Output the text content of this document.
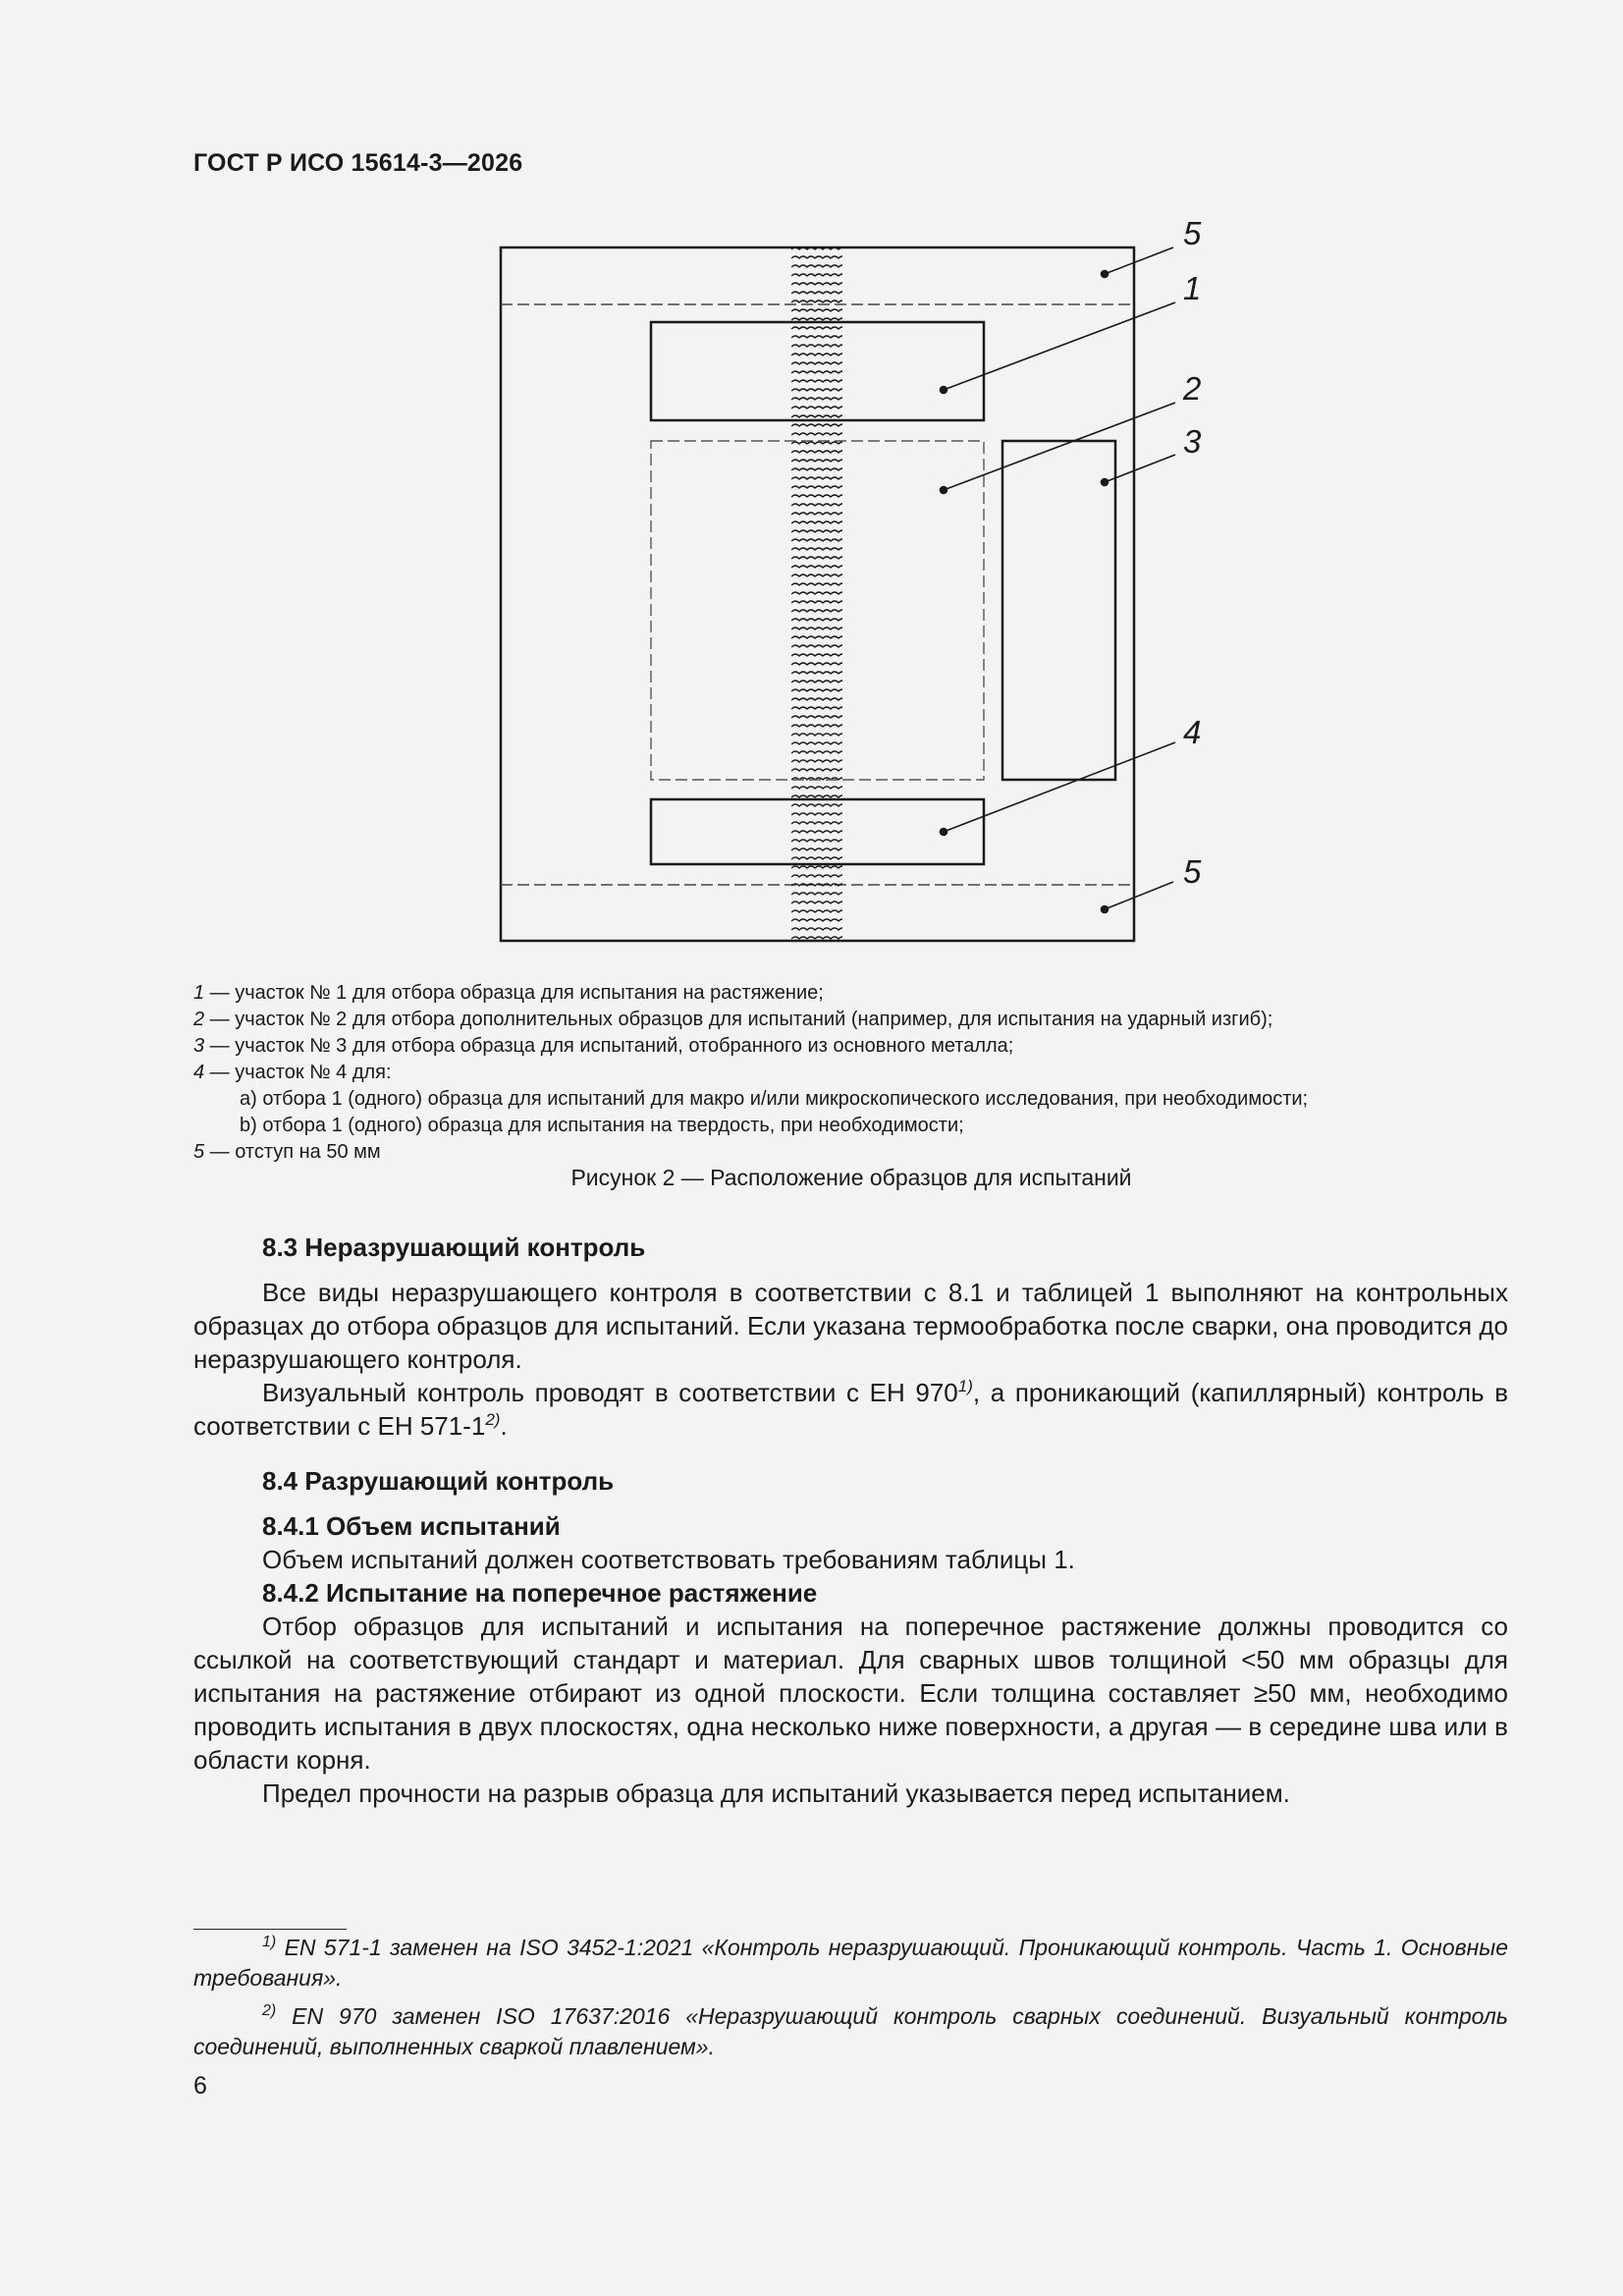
ГОСТ Р ИСО 15614-3—2026
5
1
2
3
4
5
1 — участок № 1 для отбора образца для испытания на растяжение;
2 — участок № 2 для отбора дополнительных образцов для испытаний (например, для испытания на ударный изгиб);
3 — участок № 3 для отбора образца для испытаний, отобранного из основного металла;
4 — участок № 4 для:
a) отбора 1 (одного) образца для испытаний для макро и/или микроскопического исследования, при необходимости;
b) отбора 1 (одного) образца для испытания на твердость, при необходимости;
5 — отступ на 50 мм
Рисунок 2 — Расположение образцов для испытаний
8.3 Неразрушающий контроль

Все виды неразрушающего контроля в соответствии с 8.1 и таблицей 1 выполняют на контрольных образцах до отбора образцов для испытаний. Если указана термообработка после сварки, она проводится до неразрушающего контроля.

Визуальный контроль проводят в соответствии с ЕН 970$^{1)}$, а проникающий (капиллярный) контроль в соответствии с ЕН 571-1$^{2)}$.

8.4 Разрушающий контроль
8.4.1 Объем испытаний

Объем испытаний должен соответствовать требованиям таблицы 1.

8.4.2 Испытание на поперечное растяжение

Отбор образцов для испытаний и испытания на поперечное растяжение должны проводится со ссылкой на соответствующий стандарт и материал. Для сварных швов толщиной <50 мм образцы для испытания на растяжение отбирают из одной плоскости. Если толщина составляет ≥50 мм, необходимо проводить испытания в двух плоскостях, одна несколько ниже поверхности, а другая — в середине шва или в области корня.

Предел прочности на разрыв образца для испытаний указывается перед испытанием.

$^{1)}$ EN 571-1 заменен на ISO 3452-1:2021 «Контроль неразрушающий. Проникающий контроль. Часть 1. Основные требования».

$^{2)}$ EN 970 заменен ISO 17637:2016 «Неразрушающий контроль сварных соединений. Визуальный контроль соединений, выполненных сваркой плавлением».

6
